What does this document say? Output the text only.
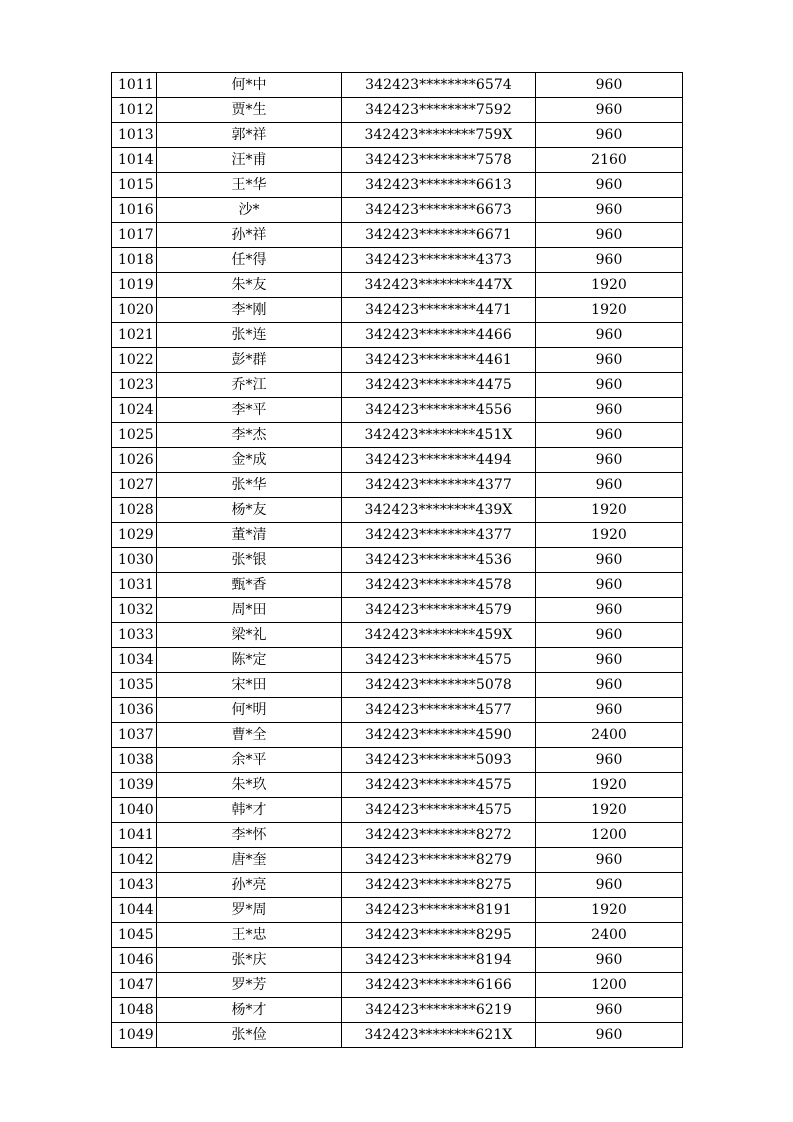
1011	何*中	342423********6574	960
1012	贾*生	342423********7592	960
1013	郭*祥	342423********759X	960
1014	汪*甫	342423********7578	2160
1015	王*华	342423********6613	960
1016	沙*	342423********6673	960
1017	孙*祥	342423********6671	960
1018	任*得	342423********4373	960
1019	朱*友	342423********447X	1920
1020	李*刚	342423********4471	1920
1021	张*连	342423********4466	960
1022	彭*群	342423********4461	960
1023	乔*江	342423********4475	960
1024	李*平	342423********4556	960
1025	李*杰	342423********451X	960
1026	金*成	342423********4494	960
1027	张*华	342423********4377	960
1028	杨*友	342423********439X	1920
1029	董*清	342423********4377	1920
1030	张*银	342423********4536	960
1031	甄*香	342423********4578	960
1032	周*田	342423********4579	960
1033	梁*礼	342423********459X	960
1034	陈*定	342423********4575	960
1035	宋*田	342423********5078	960
1036	何*明	342423********4577	960
1037	曹*全	342423********4590	2400
1038	余*平	342423********5093	960
1039	朱*玖	342423********4575	1920
1040	韩*才	342423********4575	1920
1041	李*怀	342423********8272	1200
1042	唐*奎	342423********8279	960
1043	孙*亮	342423********8275	960
1044	罗*周	342423********8191	1920
1045	王*忠	342423********8295	2400
1046	张*庆	342423********8194	960
1047	罗*芳	342423********6166	1200
1048	杨*才	342423********6219	960
1049	张*俭	342423********621X	960
